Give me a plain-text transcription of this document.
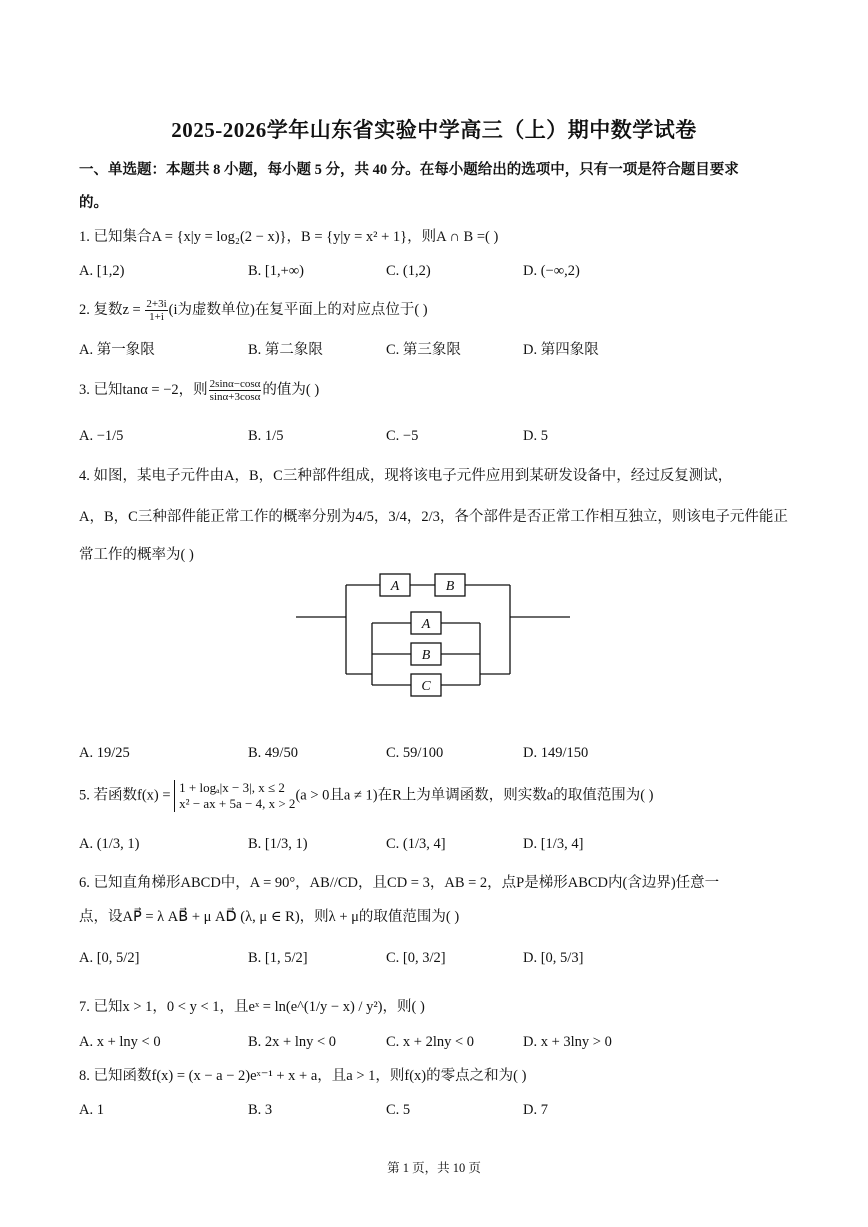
2025-2026学年山东省实验中学高三（上）期中数学试卷
一、单选题：本题共 8 小题，每小题 5 分，共 40 分。在每小题给出的选项中，只有一项是符合题目要求
的。
1. 已知集合A = {x|y = log₂(2 − x)}，B = {y|y = x² + 1}，则A ∩ B =( )
A. [1,2)	B. [1,+∞)	C. (1,2)	D. (−∞,2)
2. 复数$z = \frac{2+3i}{1+i} (i$为虚数单位)在复平面上的对应点位于( )
A. 第一象限	B. 第二象限	C. 第三象限	D. 第四象限
3. 已知tanα = −2，则 $\frac{2\sin\alpha-\cos\alpha}{\sin\alpha+3\cos\alpha}$ 的值为( )
A. −1/5	B. 1/5	C. −5	D. 5
4. 如图，某电子元件由A，B，C三种部件组成，现将该电子元件应用到某研发设备中，经过反复测试，
A，B，C三种部件能正常工作的概率分别为4/5，3/4，2/3，各个部件是否正常工作相互独立，则该电子元件能正
常工作的概率为( )
A	B
A
B
C
A. 19/25	B. 49/50	C. 59/100	D. 149/150
5. 若函数f(x) = 1 + logₐ|x − 3|, x ≤ 2
x² − ax + 5a − 4, x > 2
(a > 0且a ≠ 1)在R上为单调函数，则实数a的取值范围为( )
A. (1/3, 1)	B. [1/3, 1)	C. (1/3, 4]	D. [1/3, 4]
6. 已知直角梯形ABCD中，A = 90°，AB//CD，且CD = 3，AB = 2，点P是梯形ABCD内(含边界)任意一
点，设AP⃗ = λ AB⃗ + μ AD⃗ (λ, μ ∈ R)，则λ + μ的取值范围为( )
A. [0, 5/2]	B. [1, 5/2]	C. [0, 3/2]	D. [0, 5/3]
7. 已知x > 1，0 < y < 1，且eˣ = ln(e^(1/y − x) / y²)，则( )
A. x + lny < 0	B. 2x + lny < 0	C. x + 2lny < 0	D. x + 3lny > 0
8. 已知函数f(x) = (x − a − 2)eˣ⁻¹ + x + a，且a > 1，则f(x)的零点之和为( )
A. 1	B. 3	C. 5	D. 7
第 1 页，共 10 页
